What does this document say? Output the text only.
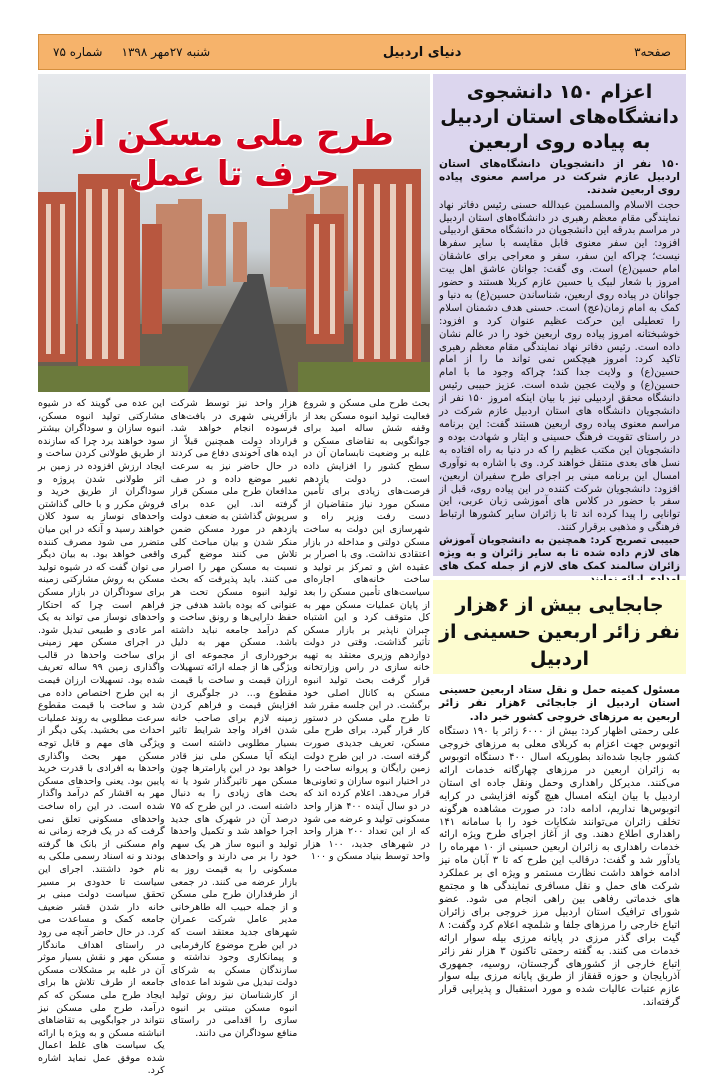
صفحه۳
دنیای اردبیل
شنبه ۲۷مهر ۱۳۹۸     شماره ۷۵
اعزام ۱۵۰ دانشجوی دانشگاه‌های استان اردبیل به پیاده روی اربعین
۱۵۰ نفر از دانشجویان دانشگاه‌های استان اردبیل عازم شرکت در مراسم معنوی پیاده روی اربعین شدند.

حجت الاسلام والمسلمین عبدالله حسنی رئیس دفاتر نهاد نمایندگی مقام معظم رهبری در دانشگاه‌های استان اردبیل در مراسم بدرقه این دانشجویان در دانشگاه محقق اردبیلی افزود: این سفر معنوی قابل مقایسه با سایر سفرها نیست؛ چراکه این سفر، سفر و معراجی برای عاشقان امام حسین(ع) است. وی گفت: جوانان عاشق اهل بیت امروز با شعار لبیک یا حسین عازم کربلا هستند و حضور جوانان در پیاده روی اربعین، شناساندن حسین(ع) به دنیا و کمک به امام زمان(عج) است. حسنی هدف دشمنان اسلام را تعطیلی این حرکت عظیم عنوان کرد و افزود: خوشبختانه امروز پیاده روی اربعین خود را در عالم نشان داده است. رئیس دفاتر نهاد نمایندگی مقام معظم رهبری تاکید کرد: امروز هیچکس نمی تواند ما را از امام حسین(ع) و ولایت جدا کند؛ چراکه وجود ما با امام حسین(ع) و ولایت عجین شده است. عزیز حبیبی رئیس دانشگاه محقق اردبیلی نیز با بیان اینکه امروز ۱۵۰ نفر از دانشجویان دانشگاه های استان اردبیل عازم شرکت در مراسم معنوی پیاده روی اربعین هستند گفت: این برنامه در راستای تقویت فرهنگ حسینی و ایثار و شهادت بوده و دانشجویان این مکتب عظیم را که در دنیا به راه افتاده به نسل های بعدی منتقل خواهند کرد. وی با اشاره به نوآوری امسال این برنامه مبنی بر اجرای طرح سفیران اربعین، افزود: دانشجویان شرکت کننده در این پیاده روی، قبل از سفر با حضور در کلاس های آموزشی زبان عربی، این توانایی را پیدا کرده اند تا با زائران سایر کشورها ارتباط فرهنگی و مذهبی برقرار کنند.

حبیبی تصریح کرد: همچنین به دانشجویان آموزش های لازم داده شده تا به سایر زائران و به ویژه زائران سالمند کمک های لازم از جمله کمک های

جابجایی بیش از ۶هزار نفر زائر اربعین حسینی از اردبیل
مسئول کمیته حمل و نقل ستاد اربعین حسینی استان اردبیل از جابجائی ۶هزار نفر زائر اربعین به مرزهای خروجی کشور خبر داد.

علی رحمتی اظهار کرد: بیش از ۶۰۰۰ زائر با ۱۹۰ دستگاه اتوبوس جهت اعزام به کربلای معلی به مرزهای خروجی کشور جابجا شده‌اند بطوریکه اسال ۴۰۰ دستگاه اتوبوس به زائران اربعین در مرزهای چهارگانه خدمات ارائه می‌کنند. مدیرکل راهداری وحمل ونقل جاده ای استان اردبیل با بیان اینکه امسال هیچ گونه افزایشی در کرایه اتوبوس‌ها نداریم، ادامه داد: در صورت مشاهده هرگونه تخلف زائران می‌توانند شکایات خود را با سامانه ۱۴۱ راهداری اطلاع دهند. وی از آغاز اجرای طرح ویژه ارائه خدمات راهداری به زائران اربعین حسینی از ۱۰ مهرماه را یادآور شد و گفت: درقالب این طرح که تا ۳ آبان ماه نیز ادامه خواهد داشت نظارت مستمر و ویژه ای بر عملکرد شرکت های حمل و نقل مسافری نمایندگی ها و مجتمع های خدماتی رفاهی بین راهی انجام می شود. عضو شورای ترافیک استان اردبیل مرز خروجی برای زائران اتباع خارجی را مرزهای جلفا و شلمچه اعلام کرد وگفت: ۸ گیت برای گذر مرزی در پایانه مرزی بیله سوار ارائه خدمات می کنند. به گفته رحمتی تاکنون ۳ هزار نفر زائر اتباع خارجی از کشورهای گرجستان، روسیه، جمهوری آذربایجان و حوزه قفقاز از طریق پایانه مرزی بیله سوار عازم عتبات عالیات شده و مورد استقبال و پذیرایی قرار گرفته‌اند.

طرح ملی مسکن از حرف تا عمل

بحث طرح ملی مسکن و شروع فعالیت تولید انبوه مسکن بعد از وقفه شش ساله امید برای جوانگویی به تقاضای مسکن و غلبه بر وضعیت نابسامان آن در سطح کشور را افزایش داده است. در دولت یازدهم فرصت‌های زیادی برای تأمین مسکن مورد نیاز متقاضیان از دست رفت وزیر راه و شهرسازی این دولت به ساخت مسکن دولتی و مداخله در بازار اعتقادی نداشت. وی با اصرار بر عقیده اش و تمرکز بر تولید و ساخت خانه‌های اجاره‌ای سیاست‌های تأمین مسکن را بعد از پایان عملیات مسکن مهر به کل متوقف کرد و این اشتباه جبران ناپذیر بر بازار مسکن تأثیر گذاشت. وقتی در دولت دوازدهم وزیری معتقد به تهیه خانه سازی در راس وزارتخانه قرار گرفت بحث تولید انبوه مسکن به کانال اصلی خود برگشت. در این جلسه مقرر شد تا طرح ملی مسکن در دستور کار قرار گیرد. برای طرح ملی مسکن، تعریف جدیدی صورت گرفته است. در این طرح دولت زمین رایگان و پروانه ساخت را در اختیار انبوه سازان و تعاونی‌ها قرار می‌دهد. اعلام کرده اند که در دو سال آینده ۴۰۰ هزار واحد مسکونی تولید و عرضه می شود که از این تعداد ۲۰۰ هزار واحد در شهرهای جدید، ۱۰۰ هزار واحد توسط بنیاد مسکن و ۱۰۰

هزار واحد نیز توسط شرکت بازآفرینی شهری در بافت‌های فرسوده انجام خواهد شد. قرارداد دولت همچنین قبلاً از ایده های آخوندی دفاع می کردند در حال حاضر نیز به سرعت تغییر موضع داده و در صف مدافعان طرح ملی مسکن قرار گرفته اند. این عده برای سرپوش گذاشتن به ضعف دولت یازدهم در مورد مسکن ضمن منکر شدن و بیان مباحث کلی تلاش می کنند موضع گیری نسبت به مسکن مهر را اصرار می کنند. باید پذیرفت که بحث تولید انبوه مسکن تحت هر عنوانی که بوده باشد هدفی جز حفظ دارایی‌ها و رونق ساخت و کم درآمد جامعه نباید داشته باشد. مسکن مهر به دلیل برخورداری از مجموعه ای از ویژگی ها از جمله ارائه تسهیلات ارزان قیمت و ساخت با قیمت مقطوع و... در جلوگیری از افزایش قیمت و فراهم کردن زمینه لازم برای صاحب خانه شدن افراد واجد شرایط تاثیر بسیار مطلوبی داشته است و اینکه آیا مسکن ملی نیز قادر خواهد بود در این پارامترها چون مسکن مهر تاثیرگذار شود یا نه بحث های زیادی را به دنبال داشته است. در این طرح که ۷۵ درصد آن در شهرک های جدید اجرا خواهد شد و تکمیل واحدها تولید و انبوه ساز هر یک سهم خود را بر می دارند و واحدهای مسکونی را به قیمت روز به بازار عرضه می کنند. در جمعی از طرفداران طرح ملی مسکن و از جمله حبیب اله طاهرخانی مدیر عامل شرکت عمران شهرهای جدید معتقد است که در این طرح موضوع کارفرمایی و پیمانکاری وجود نداشته و سازندگان مسکن به شرکای دولت تبدیل می شوند اما عده‌ای از کارشناسان نیز روش تولید انبوه مسکن مبتنی بر انبوه سازی را اقدامی در راستای منافع سوداگران می دانند.

این عده می گویند که در شیوه مشارکتی تولید انبوه مسکن، انبوه سازان و سوداگران بیشتر سود خواهند برد چرا که سازنده از طریق طولانی کردن ساخت و ایجاد ارزش افزوده در زمین بر اثر طولانی شدن پروژه و سوداگران از طریق خرید و فروش مکرر و با خالی گذاشتن واحدهای نوساز به سود کلان خواهند رسید و آنکه در این میان متضرر می شود مصرف کننده واقعی خواهد بود. به بیان دیگر می توان گفت که در شیوه تولید مسکن به روش مشارکتی زمینه برای سوداگران در بازار مسکن فراهم است چرا که احتکار واحدهای نوساز می تواند به یک امر عادی و طبیعی تبدیل شود. در اجرای مسکن مهر زمینی برای ساخت واحدها در قالب واگذاری زمین ۹۹ ساله تعریف شده بود. تسهیلات ارزان قیمت به این طرح اختصاص داده می شد و ساخت با قیمت مقطوع سرعت مطلوبی به روند عملیات احداث می بخشید. یکی دیگر از ویژگی های مهم و قابل توجه مسکن مهر بحث واگذاری واحدها به افرادی با قدرت خرید پایین بود. یعنی واحدهای مسکن مهر به اقشار کم درآمد واگذار شده است. در این راه ساخت واحدهای مسکونی تعلق نمی گرفت که در یک فرجه زمانی نه وام مسکنی از بانک ها گرفته بودند و نه اسناد رسمی ملکی به نام خود داشتند. اجرای این سیاست تا حدودی بر مسیر تحقق سیاست دولت مبنی بر خانه دار شدن قشر ضعیف جامعه کمک و مساعدت می کرد. در حال حاضر آنچه می رود در راستای اهداف ماندگار مسکن مهر و نقش بسیار موثر آن در غلبه بر مشکلات مسکن جامعه از طرف تلاش ها برای ایجاد طرح ملی مسکن که کم درآمد، طرح ملی مسکن نیز نتواند در جوابگویی به تقاضاهای انباشته مسکن و به ویژه با ارائه یک سیاست های غلط اعمال شده موفق عمل نماید اشاره کرد.
